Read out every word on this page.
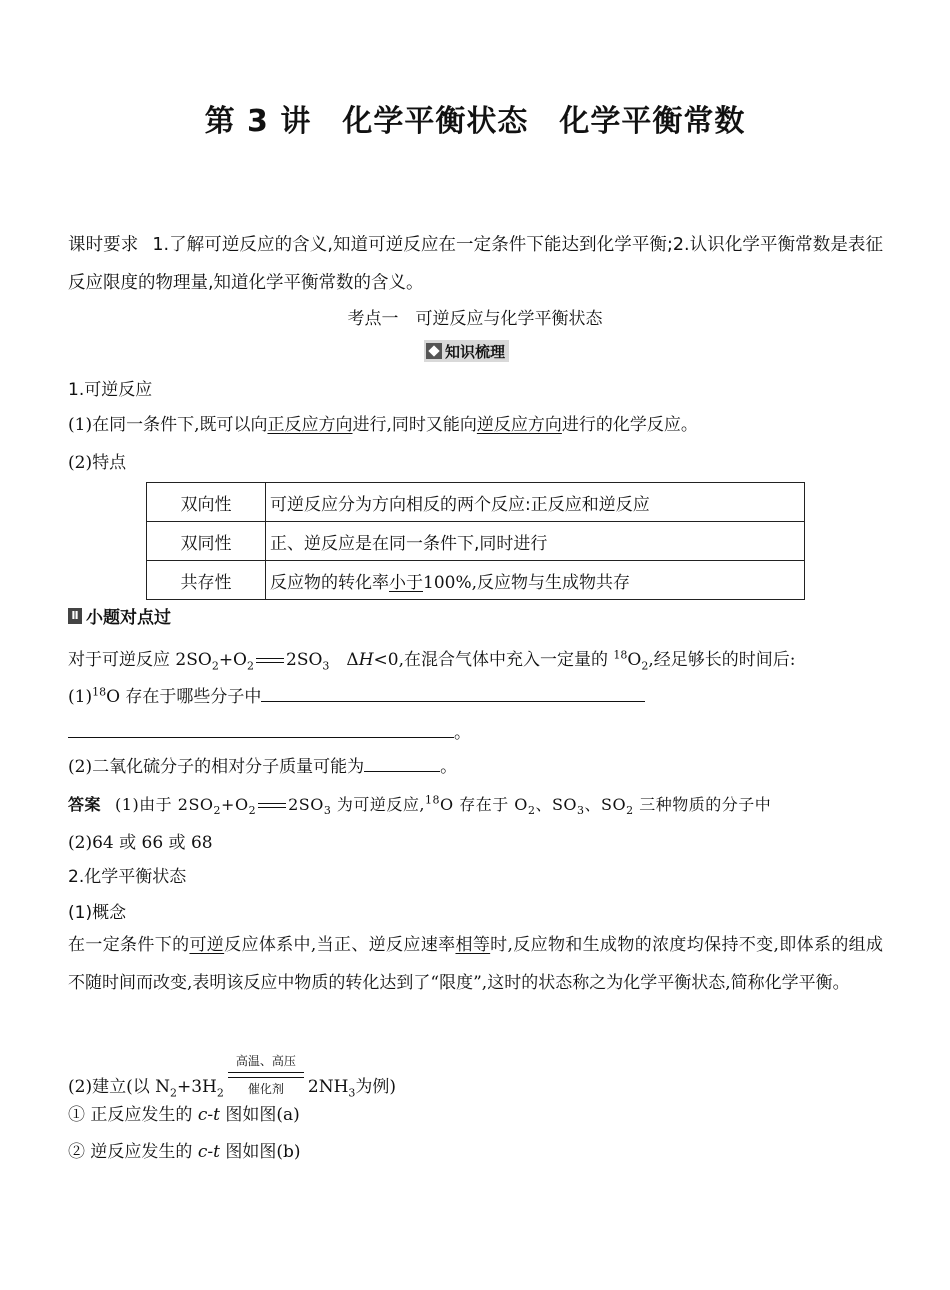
第 3 讲　化学平衡状态　化学平衡常数
课时要求 1.了解可逆反应的含义,知道可逆反应在一定条件下能达到化学平衡;2.认识化学平衡常数是表征反应限度的物理量,知道化学平衡常数的含义。
考点一　可逆反应与化学平衡状态
知识梳理
1.可逆反应
(1)在同一条件下,既可以向正反应方向进行,同时又能向逆反应方向进行的化学反应。
(2)特点
双向性	可逆反应分为方向相反的两个反应:正反应和逆反应
双同性	正、逆反应是在同一条件下,同时进行
共存性	反应物的转化率小于100%,反应物与生成物共存
Ⅱ 小题对点过
对于可逆反应 $2SO_2+O_2$ $2SO_3$　ΔH<0,在混合气体中充入一定量的 $^{18}O_2$,经足够长的时间后:
$(1)^{18}O$ 存在于哪些分子中
。
(2)二氧化硫分子的相对分子质量可能为	。
答案 (1)由于 $2SO_2+O_2$ $2SO_3$ 为可逆反应,$^{18}$O 存在于 $O_2$、$SO_3$、$SO_2$ 三种物质的分子中
(2)64 或 66 或 68
2.化学平衡状态
(1)概念
在一定条件下的可逆反应体系中,当正、逆反应速率相等时,反应物和生成物的浓度均保持不变,即体系的组成不随时间而改变,表明该反应中物质的转化达到了“限度”,这时的状态称之为化学平衡状态,简称化学平衡。
(2)建立(以 $N_2+3H_2$
高温、高压
催化剂	$2NH_3$为例)
① 正反应发生的 c-t 图如图(a)
② 逆反应发生的 c-t 图如图(b)
